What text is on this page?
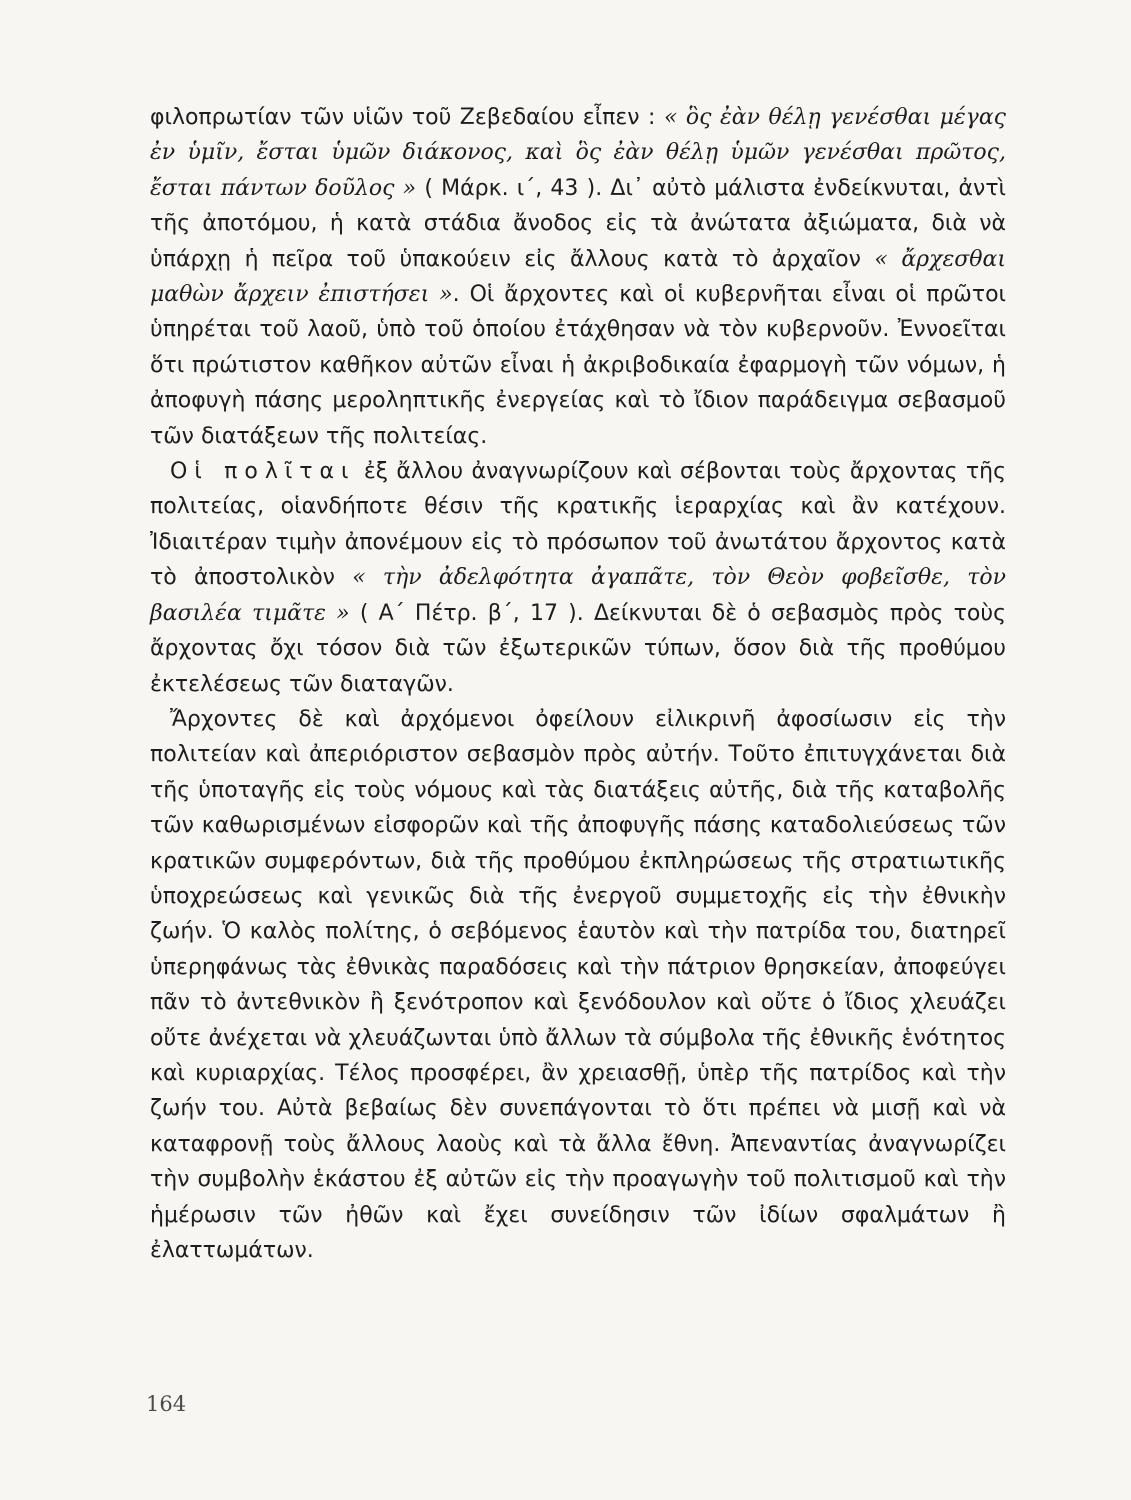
φιλοπρωτίαν τῶν υἱῶν τοῦ Ζεβεδαίου εἶπεν : « ὃς ἐὰν θέλῃ γενέσθαι μέγας ἐν ὑμῖν, ἔσται ὑμῶν διάκονος, καὶ ὃς ἐὰν θέλῃ ὑμῶν γενέσθαι πρῶτος, ἔσται πάντων δοῦλος » ( Μάρκ. ι΄, 43 ). Δι᾽ αὐτὸ μάλιστα ἐνδείκνυται, ἀντὶ τῆς ἀποτόμου, ἡ κατὰ στάδια ἄνοδος εἰς τὰ ἀνώτατα ἀξιώματα, διὰ νὰ ὑπάρχῃ ἡ πεῖρα τοῦ ὑπακούειν εἰς ἄλλους κατὰ τὸ ἀρχαῖον « ἄρχεσθαι μαθὼν ἄρχειν ἐπιστήσει ». Οἱ ἄρχοντες καὶ οἱ κυβερνῆται εἶναι οἱ πρῶτοι ὑπηρέται τοῦ λαοῦ, ὑπὸ τοῦ ὁποίου ἐτάχθησαν νὰ τὸν κυβερνοῦν. Ἐννοεῖται ὅτι πρώτιστον καθῆκον αὐτῶν εἶναι ἡ ἀκριβοδικαία ἐφαρμογὴ τῶν νόμων, ἡ ἀποφυγὴ πάσης μεροληπτικῆς ἐνεργείας καὶ τὸ ἴδιον παράδειγμα σεβασμοῦ τῶν διατάξεων τῆς πολιτείας.

Οἱ πολῖται ἐξ ἄλλου ἀναγνωρίζουν καὶ σέβονται τοὺς ἄρχοντας τῆς πολιτείας, οἱανδήποτε θέσιν τῆς κρατικῆς ἱεραρχίας καὶ ἂν κατέχουν. Ἰδιαιτέραν τιμὴν ἀπονέμουν εἰς τὸ πρόσωπον τοῦ ἀνωτάτου ἄρχοντος κατὰ τὸ ἀποστολικὸν « τὴν ἀδελφότητα ἀγαπᾶτε, τὸν Θεὸν φοβεῖσθε, τὸν βασιλέα τιμᾶτε » ( Α΄ Πέτρ. β΄, 17 ). Δείκνυται δὲ ὁ σεβασμὸς πρὸς τοὺς ἄρχοντας ὄχι τόσον διὰ τῶν ἐξωτερικῶν τύπων, ὅσον διὰ τῆς προθύμου ἐκτελέσεως τῶν διαταγῶν.

Ἄρχοντες δὲ καὶ ἀρχόμενοι ὀφείλουν εἰλικρινῆ ἀφοσίωσιν εἰς τὴν πολιτείαν καὶ ἀπεριόριστον σεβασμὸν πρὸς αὐτήν. Τοῦτο ἐπιτυγχάνεται διὰ τῆς ὑποταγῆς εἰς τοὺς νόμους καὶ τὰς διατάξεις αὐτῆς, διὰ τῆς καταβολῆς τῶν καθωρισμένων εἰσφορῶν καὶ τῆς ἀποφυγῆς πάσης καταδολιεύσεως τῶν κρατικῶν συμφερόντων, διὰ τῆς προθύμου ἐκπληρώσεως τῆς στρατιωτικῆς ὑποχρεώσεως καὶ γενικῶς διὰ τῆς ἐνεργοῦ συμμετοχῆς εἰς τὴν ἐθνικὴν ζωήν. Ὁ καλὸς πολίτης, ὁ σεβόμενος ἑαυτὸν καὶ τὴν πατρίδα του, διατηρεῖ ὑπερηφάνως τὰς ἐθνικὰς παραδόσεις καὶ τὴν πάτριον θρησκείαν, ἀποφεύγει πᾶν τὸ ἀντεθνικὸν ἢ ξενότροπον καὶ ξενόδουλον καὶ οὔτε ὁ ἴδιος χλευάζει οὔτε ἀνέχεται νὰ χλευάζωνται ὑπὸ ἄλλων τὰ σύμβολα τῆς ἐθνικῆς ἑνότητος καὶ κυριαρχίας. Τέλος προσφέρει, ἂν χρειασθῇ, ὑπὲρ τῆς πατρίδος καὶ τὴν ζωήν του. Αὐτὰ βεβαίως δὲν συνεπάγονται τὸ ὅτι πρέπει νὰ μισῇ καὶ νὰ καταφρονῇ τοὺς ἄλλους λαοὺς καὶ τὰ ἄλλα ἔθνη. Ἀπεναντίας ἀναγνωρίζει τὴν συμβολὴν ἑκάστου ἐξ αὐτῶν εἰς τὴν προαγωγὴν τοῦ πολιτισμοῦ καὶ τὴν ἡμέρωσιν τῶν ἠθῶν καὶ ἔχει συνείδησιν τῶν ἰδίων σφαλμάτων ἢ ἐλαττωμάτων.

164
